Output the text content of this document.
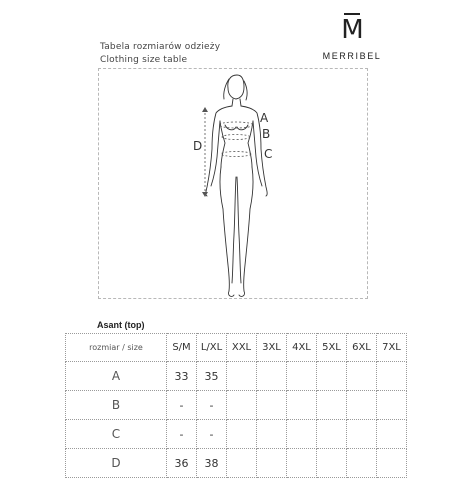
M
MERRIBEL
Tabela rozmiarów odzieży
Clothing size table
A
B
C
D
Asant (top)
rozmiar / size	S/M	L/XL	XXL	3XL	4XL	5XL	6XL	7XL
A	33	35						
B	-	-						
C	-	-						
D	36	38						
